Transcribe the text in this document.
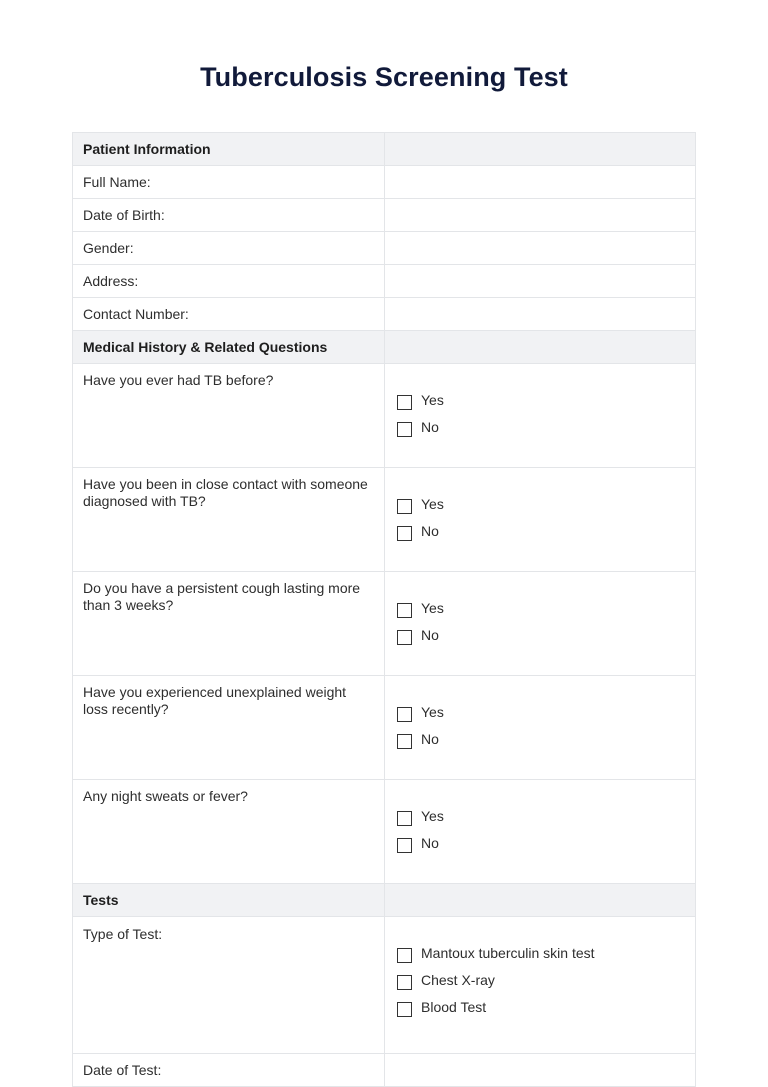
Tuberculosis Screening Test
Patient Information	
Full Name:	
Date of Birth:	
Gender:	
Address:	
Contact Number:	
Medical History & Related Questions	
Have you ever had TB before?	Yes
No

Have you been in close contact with someone diagnosed with TB?	Yes
No

Do you have a persistent cough lasting more than 3 weeks?	Yes
No

Have you experienced unexplained weight loss recently?	Yes
No

Any night sweats or fever?	Yes
No

Tests	
Type of Test:	Mantoux tuberculin skin test
Chest X-ray
Blood Test

Date of Test:	
